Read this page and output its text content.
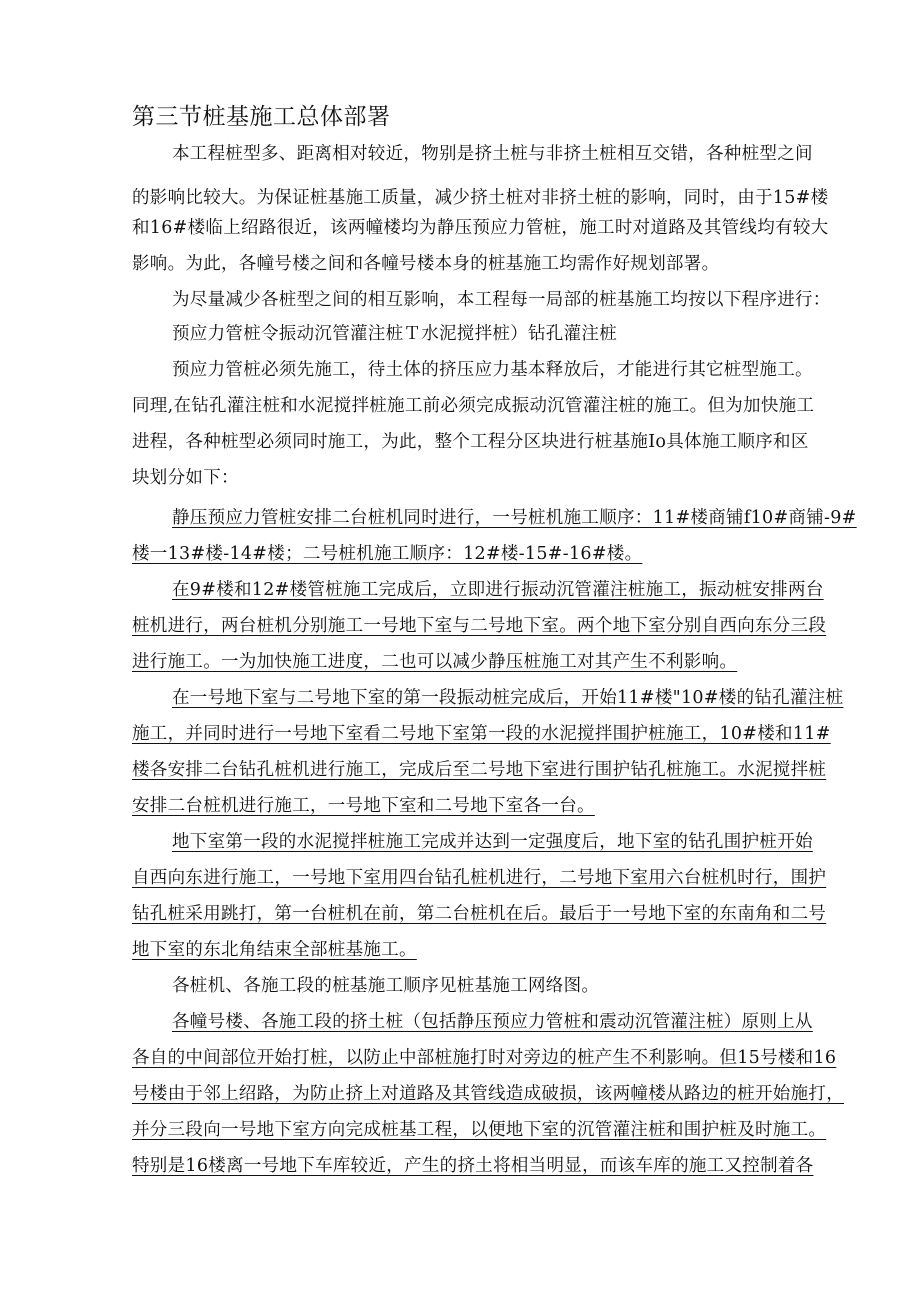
第三节桩基施工总体部署
本工程桩型多、距离相对较近，物别是挤土桩与非挤土桩相互交错，各种桩型之间
的影响比较大。为保证桩基施工质量，减少挤土桩对非挤土桩的影响，同时，由于15#楼
和16#楼临上绍路很近，该两幢楼均为静压预应力管桩，施工时对道路及其管线均有较大
影响。为此，各幢号楼之间和各幢号楼本身的桩基施工均需作好规划部署。
为尽量减少各桩型之间的相互影响，本工程每一局部的桩基施工均按以下程序进行：
预应力管桩令振动沉管灌注桩Ｔ水泥搅拌桩）钻孔灌注桩
预应力管桩必须先施工，待土体的挤压应力基本释放后，才能进行其它桩型施工。
同理,在钻孔灌注桩和水泥搅拌桩施工前必须完成振动沉管灌注桩的施工。但为加快施工
进程，各种桩型必须同时施工，为此，整个工程分区块进行桩基施Io具体施工顺序和区
块划分如下：
静压预应力管桩安排二台桩机同时进行，一号桩机施工顺序：11#楼商铺f10#商铺-9#
楼一13#楼-14#楼；二号桩机施工顺序：12#楼-15#-16#楼。
在9#楼和12#楼管桩施工完成后，立即进行振动沉管灌注桩施工，振动桩安排两台
桩机进行，两台桩机分别施工一号地下室与二号地下室。两个地下室分别自西向东分三段
进行施工。一为加快施工进度，二也可以减少静压桩施工对其产生不利影响。
在一号地下室与二号地下室的第一段振动桩完成后，开始11#楼"10#楼的钻孔灌注桩
施工，并同时进行一号地下室看二号地下室第一段的水泥搅拌围护桩施工，10#楼和11#
楼各安排二台钻孔桩机进行施工，完成后至二号地下室进行围护钻孔桩施工。水泥搅拌桩
安排二台桩机进行施工，一号地下室和二号地下室各一台。
地下室第一段的水泥搅拌桩施工完成并达到一定强度后，地下室的钻孔围护桩开始
自西向东进行施工，一号地下室用四台钻孔桩机进行，二号地下室用六台桩机时行，围护
钻孔桩采用跳打，第一台桩机在前，第二台桩机在后。最后于一号地下室的东南角和二号
地下室的东北角结束全部桩基施工。
各桩机、各施工段的桩基施工顺序见桩基施工网络图。
各幢号楼、各施工段的挤土桩（包括静压预应力管桩和震动沉管灌注桩）原则上从
各自的中间部位开始打桩，以防止中部桩施打时对旁边的桩产生不利影响。但15号楼和16
号楼由于邻上绍路，为防止挤上对道路及其管线造成破损，该两幢楼从路边的桩开始施打，
并分三段向一号地下室方向完成桩基工程，以便地下室的沉管灌注桩和围护桩及时施工。
特别是16楼离一号地下车库较近，产生的挤土将相当明显，而该车库的施工又控制着各
